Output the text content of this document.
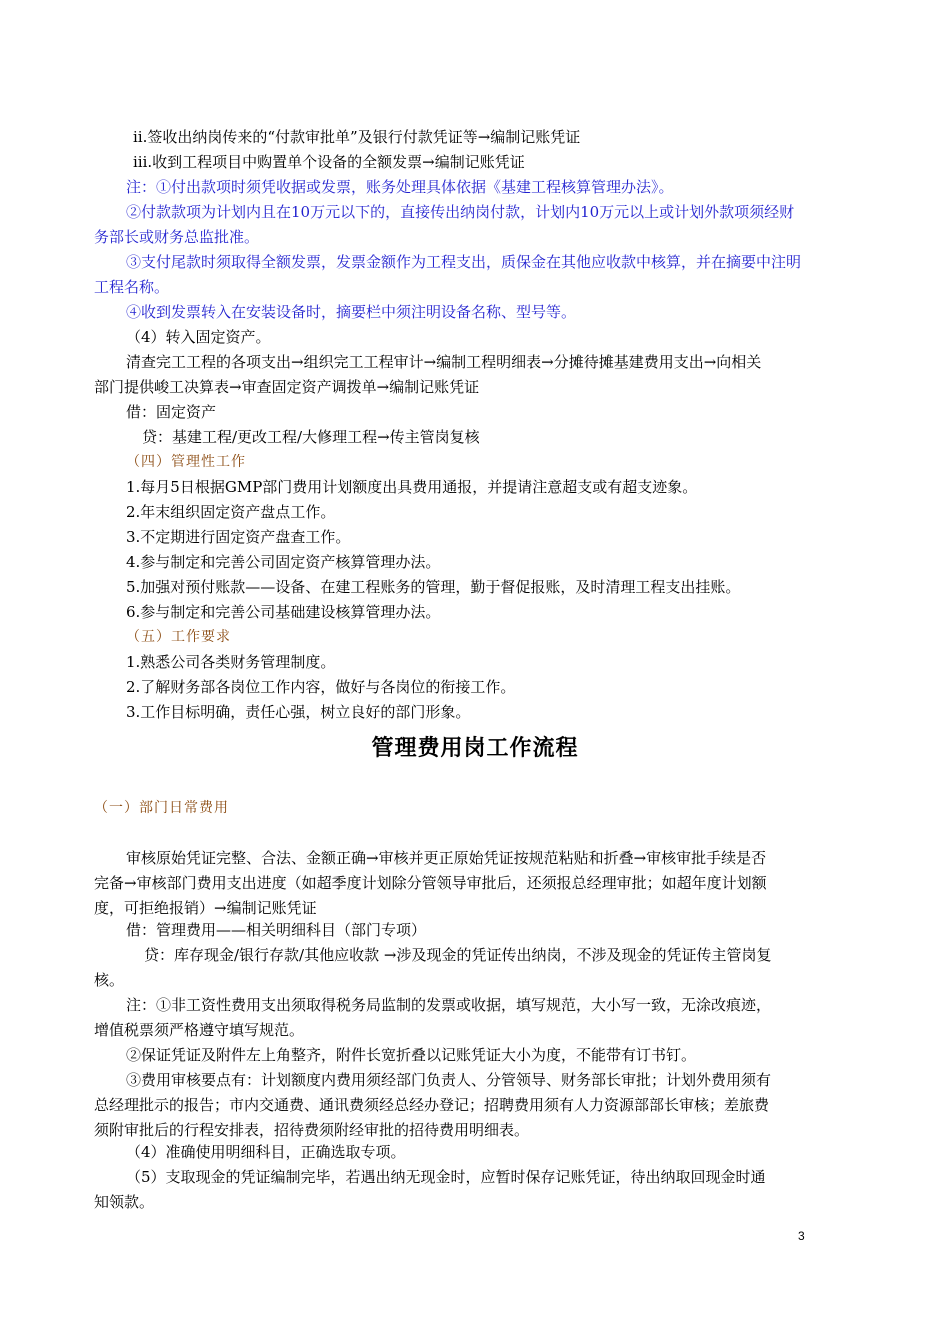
ⅱ.签收出纳岗传来的“付款审批单”及银行付款凭证等→编制记账凭证
ⅲ.收到工程项目中购置单个设备的全额发票→编制记账凭证
注：①付出款项时须凭收据或发票，账务处理具体依据《基建工程核算管理办法》。
②付款款项为计划内且在10万元以下的，直接传出纳岗付款，计划内10万元以上或计划外款项须经财
务部长或财务总监批准。
③支付尾款时须取得全额发票，发票金额作为工程支出，质保金在其他应收款中核算，并在摘要中注明
工程名称。
④收到发票转入在安装设备时，摘要栏中须注明设备名称、型号等。
（4）转入固定资产。
清查完工工程的各项支出→组织完工工程审计→编制工程明细表→分摊待摊基建费用支出→向相关
部门提供峻工决算表→审查固定资产调拨单→编制记账凭证
借：固定资产
贷：基建工程/更改工程/大修理工程→传主管岗复核
（四）管理性工作
1.每月5日根据GMP部门费用计划额度出具费用通报，并提请注意超支或有超支迹象。
2.年末组织固定资产盘点工作。
3.不定期进行固定资产盘查工作。
4.参与制定和完善公司固定资产核算管理办法。
5.加强对预付账款——设备、在建工程账务的管理，勤于督促报账，及时清理工程支出挂账。
6.参与制定和完善公司基础建设核算管理办法。
（五）工作要求
1.熟悉公司各类财务管理制度。
2.了解财务部各岗位工作内容，做好与各岗位的衔接工作。
3.工作目标明确，责任心强，树立良好的部门形象。
管理费用岗工作流程
（一）部门日常费用
审核原始凭证完整、合法、金额正确→审核并更正原始凭证按规范粘贴和折叠→审核审批手续是否
完备→审核部门费用支出进度（如超季度计划除分管领导审批后，还须报总经理审批；如超年度计划额
度，可拒绝报销）→编制记账凭证
借：管理费用——相关明细科目（部门专项）
贷：库存现金/银行存款/其他应收款 →涉及现金的凭证传出纳岗，不涉及现金的凭证传主管岗复
核。
注：①非工资性费用支出须取得税务局监制的发票或收据，填写规范，大小写一致，无涂改痕迹，
增值税票须严格遵守填写规范。
②保证凭证及附件左上角整齐，附件长宽折叠以记账凭证大小为度，不能带有订书钉。
③费用审核要点有：计划额度内费用须经部门负责人、分管领导、财务部长审批；计划外费用须有
总经理批示的报告；市内交通费、通讯费须经总经办登记；招聘费用须有人力资源部部长审核；差旅费
须附审批后的行程安排表，招待费须附经审批的招待费用明细表。
（4）准确使用明细科目，正确选取专项。
（5）支取现金的凭证编制完毕，若遇出纳无现金时，应暂时保存记账凭证，待出纳取回现金时通
知领款。
3
